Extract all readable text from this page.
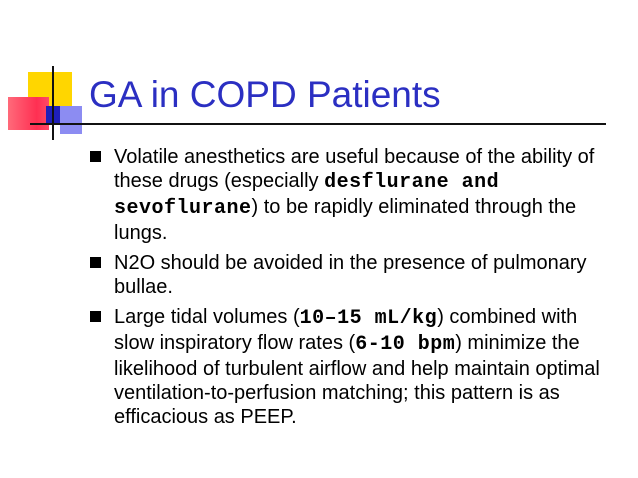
GA in COPD Patients
Volatile anesthetics are useful because of the ability of these drugs (especially desflurane and sevoflurane) to be rapidly eliminated through the lungs.
N2O should be avoided in the presence of pulmonary bullae.
Large tidal volumes (10–15 mL/kg) combined with slow inspiratory flow rates (6-10 bpm) minimize the likelihood of turbulent airflow and help maintain optimal ventilation-to-perfusion matching; this pattern is as efficacious as PEEP.
